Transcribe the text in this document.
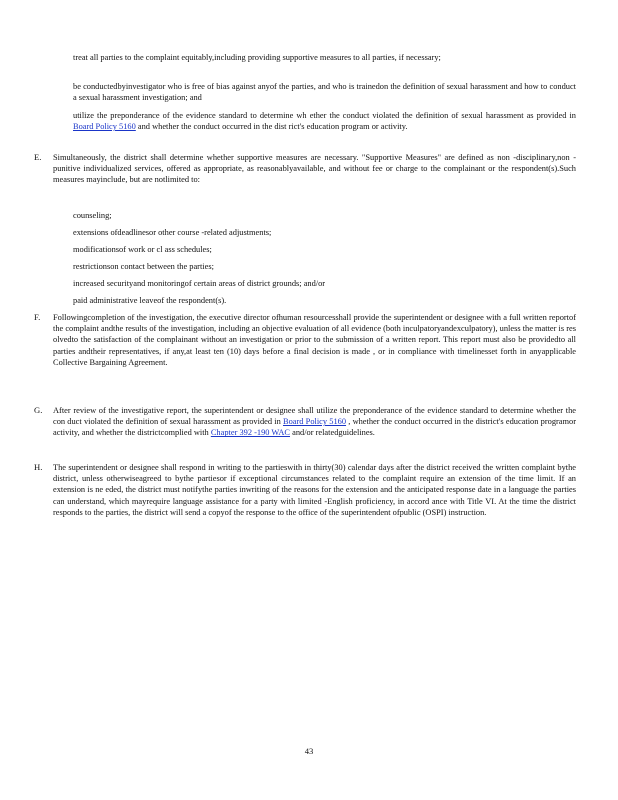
treat all parties to the complaint equitably,including providing supportive measures to all parties, if necessary;
be conductedbyinvestigator who is free of bias against anyof the parties, and who is trainedon the definition of sexual harassment and how to conduct a sexual harassment investigation; and
utilize the preponderance of the evidence standard to determine wh ether the conduct violated the definition of sexual harassment as provided in Board Policy 5160 and whether the conduct occurred in the dist rict's education program or activity.
E. Simultaneously, the district shall determine whether supportive measures are necessary. "Supportive Measures" are defined as non -disciplinary,non -punitive individualized services, offered as appropriate, as reasonablyavailable, and without fee or charge to the complainant or the respondent(s).Such measures mayinclude, but are notlimited to:
counseling;
extensions ofdeadlinesor other course -related adjustments;
modificationsof work or cl ass schedules;
restrictionson contact between the parties;
increased securityand monitoringof certain areas of district grounds; and/or
paid administrative leaveof the respondent(s).
F. Followingcompletion of the investigation, the executive director ofhuman resourcesshall provide the superintendent or designee with a full written reportof the complaint andthe results of the investigation, including an objective evaluation of all evidence (both inculpatoryandexculpatory), unless the matter is res olvedto the satisfaction of the complainant without an investigation or prior to the submission of a written report. This report must also be providedto all parties andtheir representatives, if any,at least ten (10) days before a final decision is made , or in compliance with timelinesset forth in anyapplicable Collective Bargaining Agreement.
G. After review of the investigative report, the superintendent or designee shall utilize the preponderance of the evidence standard to determine whether the con duct violated the definition of sexual harassment as provided in Board Policy 5160 , whether the conduct occurred in the district's education programor activity, and whether the districtcomplied with Chapter 392 -190 WAC and/or relatedguidelines.
H. The superintendent or designee shall respond in writing to the partieswith in thirty(30) calendar days after the district received the written complaint bythe district, unless otherwiseagreed to bythe partiesor if exceptional circumstances related to the complaint require an extension of the time limit. If an extension is ne eded, the district must notifythe parties inwriting of the reasons for the extension and the anticipated response date in a language the parties can understand, which mayrequire language assistance for a party with limited -English proficiency, in accord ance with Title VI. At the time the district responds to the parties, the district will send a copyof the response to the office of the superintendent ofpublic (OSPI) instruction.
43
